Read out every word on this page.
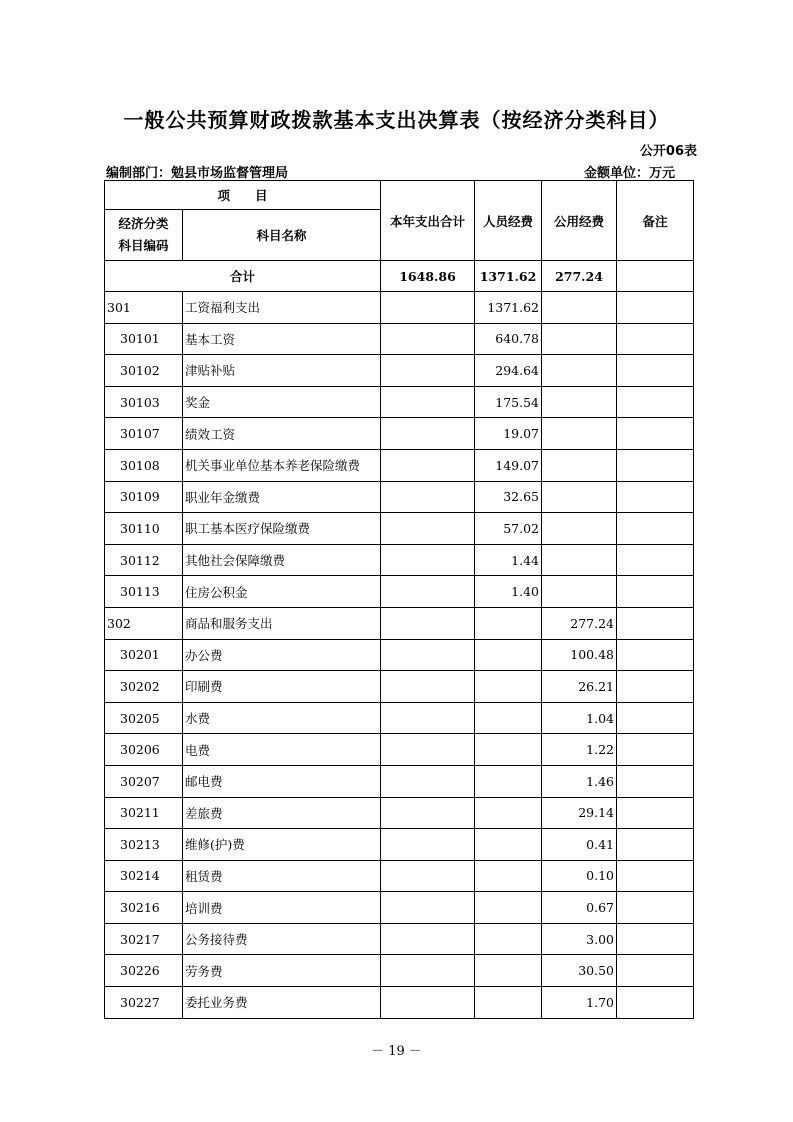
一般公共预算财政拨款基本支出决算表（按经济分类科目）
公开06表
编制部门：勉县市场监督管理局	金额单位：万元
项　　目		本年支出合计	人员经费	公用经费	备注
经济分类
科目编码	科目名称				
合计		1648.86	1371.62	277.24	
301	工资福利支出		1371.62		
30101	基本工资		640.78		
30102	津贴补贴		294.64		
30103	奖金		175.54		
30107	绩效工资		19.07		
30108	机关事业单位基本养老保险缴费		149.07		
30109	职业年金缴费		32.65		
30110	职工基本医疗保险缴费		57.02		
30112	其他社会保障缴费		1.44		
30113	住房公积金		1.40		
302	商品和服务支出			277.24	
30201	办公费			100.48	
30202	印刷费			26.21	
30205	水费			1.04	
30206	电费			1.22	
30207	邮电费			1.46	
30211	差旅费			29.14	
30213	维修(护)费			0.41	
30214	租赁费			0.10	
30216	培训费			0.67	
30217	公务接待费			3.00	
30226	劳务费			30.50	
30227	委托业务费			1.70	
－ 19 －
